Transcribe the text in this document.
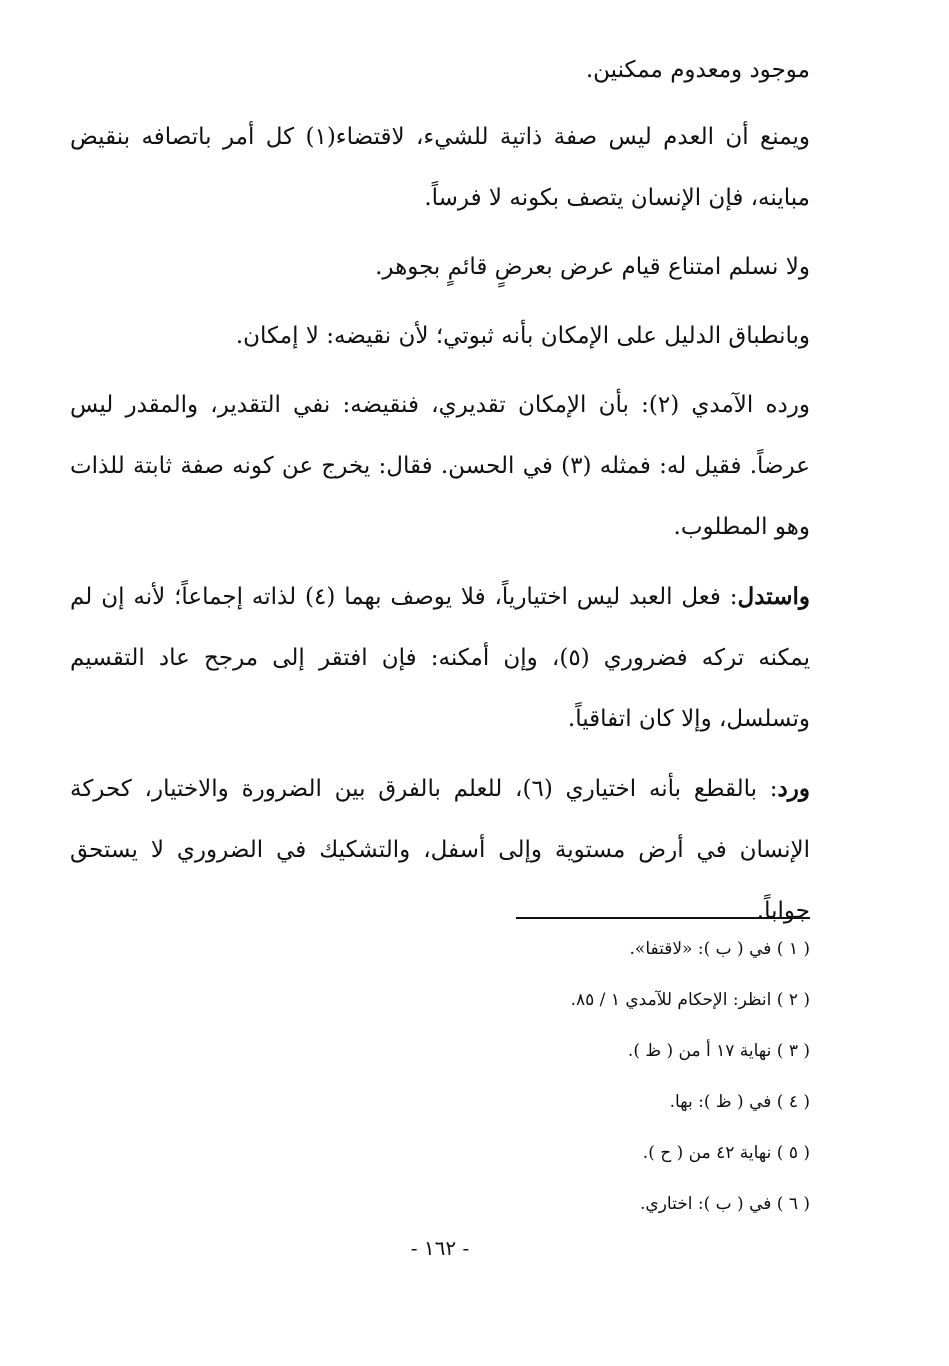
موجود ومعدوم ممكنين.

ويمنع أن العدم ليس صفة ذاتية للشيء، لاقتضاء(١) كل أمر باتصافه بنقيض مباينه، فإن الإنسان يتصف بكونه لا فرساً.

ولا نسلم امتناع قيام عرض بعرضٍ قائمٍ بجوهر.

وبانطباق الدليل على الإمكان بأنه ثبوتي؛ لأن نقيضه: لا إمكان.

ورده الآمدي (٢): بأن الإمكان تقديري، فنقيضه: نفي التقدير، والمقدر ليس عرضاً. فقيل له: فمثله (٣) في الحسن. فقال: يخرج عن كونه صفة ثابتة للذات وهو المطلوب.

واستدل: فعل العبد ليس اختيارياً، فلا يوصف بهما (٤) لذاته إجماعاً؛ لأنه إن لم يمكنه تركه فضروري (٥)، وإن أمكنه: فإن افتقر إلى مرجح عاد التقسيم وتسلسل، وإلا كان اتفاقياً.

ورد: بالقطع بأنه اختياري (٦)، للعلم بالفرق بين الضرورة والاختيار، كحركة الإنسان في أرض مستوية وإلى أسفل، والتشكيك في الضروري لا يستحق جواباً.

( ١ ) في ( ب ): «لاقتفا».

( ٢ ) انظر: الإحكام للآمدي ١ / ٨٥.

( ٣ ) نهاية ١٧ أ من ( ظ ).

( ٤ ) في ( ظ ): بها.

( ٥ ) نهاية ٤٢ من ( ح ).

( ٦ ) في ( ب ): اختاري.

- ١٦٢ -
